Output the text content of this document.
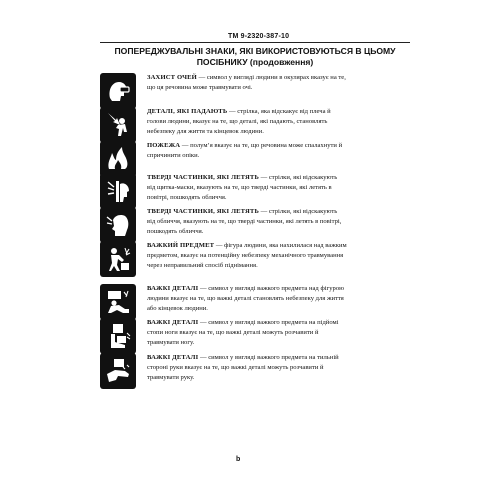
ТМ 9-2320-387-10
ПОПЕРЕДЖУВАЛЬНІ ЗНАКИ, ЯКІ ВИКОРИСТОВУЮТЬСЯ В ЦЬОМУ ПОСІБНИКУ (продовження)
ЗАХИСТ ОЧЕЙ — символ у вигляді людини в окулярах вказує на те, що ця речовина може травмувати очі.
ДЕТАЛІ, ЯКІ ПАДАЮТЬ — стрілка, яка відскакує від плеча й голови людини, вказує на те, що деталі, які падають, становлять небезпеку для життя та кінцевок людини.
ПОЖЕЖА — полум’я вказує на те, що речовина може спалахнути й спричинити опіки.
ТВЕРДІ ЧАСТИНКИ, ЯКІ ЛЕТЯТЬ — стрілки, які відскакують від щитка-маски, вказують на те, що тверді частинки, які летять в повітрі, пошкодять обличчя.
ТВЕРДІ ЧАСТИНКИ, ЯКІ ЛЕТЯТЬ — стрілки, які відскакують від обличчя, вказують на те, що тверді частинки, які летять в повітрі, пошкодять обличчя.
ВАЖКИЙ ПРЕДМЕТ — фігура людини, яка нахилилася над важким предметом, вказує на потенційну небезпеку механічного травмування через неправильний спосіб піднімання.
ВАЖКІ ДЕТАЛІ — символ у вигляді важкого предмета над фігурою людини вказує на те, що важкі деталі становлять небезпеку для життя або кінцевок людини.
ВАЖКІ ДЕТАЛІ — символ у вигляді важкого предмета на підйомі стопи ноги вказує на те, що важкі деталі можуть розчавити й травмувати ногу.
ВАЖКІ ДЕТАЛІ — символ у вигляді важкого предмета на тильній стороні руки вказує на те, що важкі деталі можуть розчавити й травмувати руку.
b
